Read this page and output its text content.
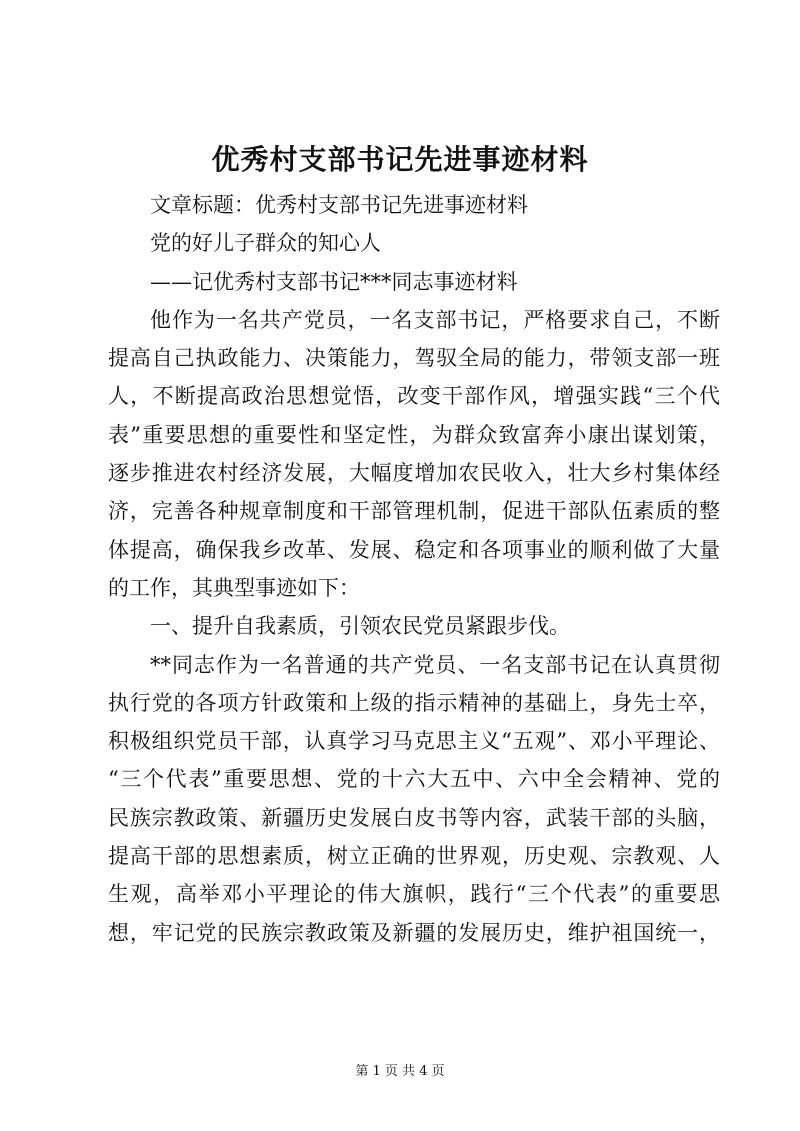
优秀村支部书记先进事迹材料

文章标题：优秀村支部书记先进事迹材料

党的好儿子群众的知心人

——记优秀村支部书记***同志事迹材料

他作为一名共产党员，一名支部书记，严格要求自己，不断

提高自己执政能力、决策能力，驾驭全局的能力，带领支部一班

人，不断提高政治思想觉悟，改变干部作风，增强实践“三个代

表”重要思想的重要性和坚定性，为群众致富奔小康出谋划策，

逐步推进农村经济发展，大幅度增加农民收入，壮大乡村集体经

济，完善各种规章制度和干部管理机制，促进干部队伍素质的整

体提高，确保我乡改革、发展、稳定和各项事业的顺利做了大量

的工作，其典型事迹如下：

一、提升自我素质，引领农民党员紧跟步伐。

**同志作为一名普通的共产党员、一名支部书记在认真贯彻

执行党的各项方针政策和上级的指示精神的基础上，身先士卒，

积极组织党员干部，认真学习马克思主义“五观”、邓小平理论、

“三个代表”重要思想、党的十六大五中、六中全会精神、党的

民族宗教政策、新疆历史发展白皮书等内容，武装干部的头脑，

提高干部的思想素质，树立正确的世界观，历史观、宗教观、人

生观，高举邓小平理论的伟大旗帜，践行“三个代表”的重要思

想，牢记党的民族宗教政策及新疆的发展历史，维护祖国统一，

第 1 页 共 4 页
